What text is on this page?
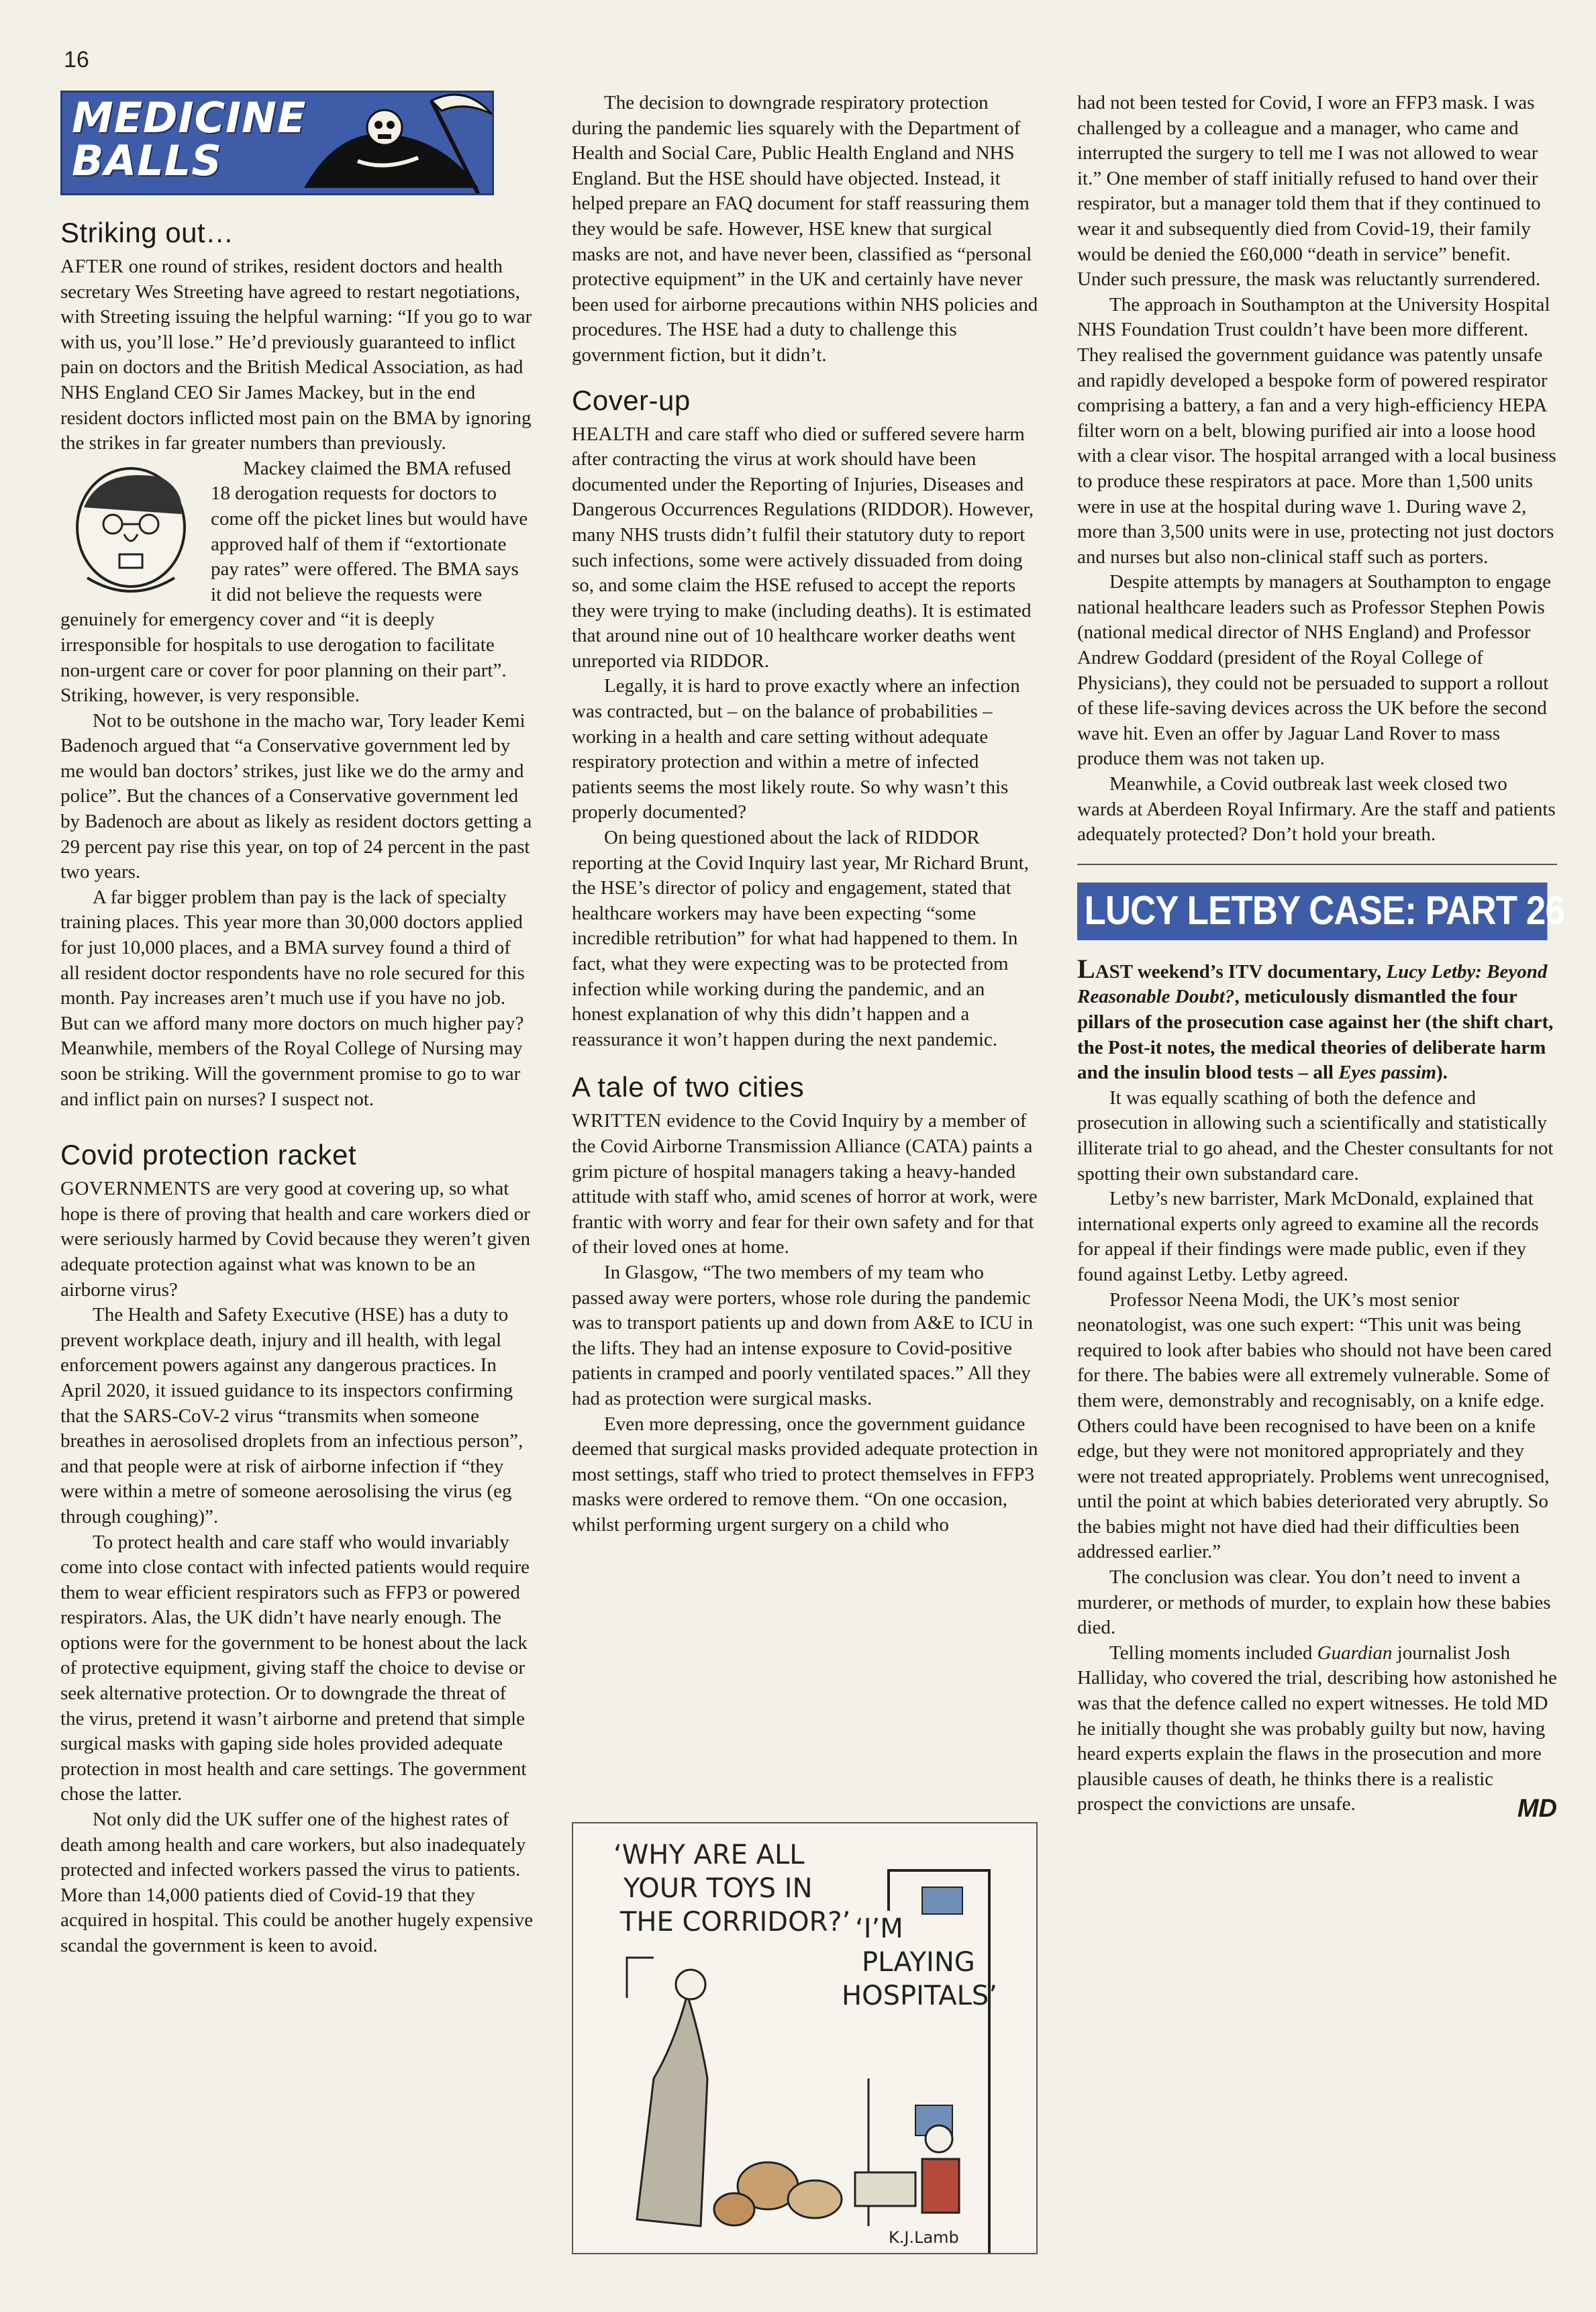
16
MEDICINE
BALLS
Striking out…

AFTER one round of strikes, resident doctors and health secretary Wes Streeting have agreed to restart negotiations, with Streeting issuing the helpful warning: “If you go to war with us, you’ll lose.” He’d previously guaranteed to inflict pain on doctors and the British Medical Association, as had NHS England CEO Sir James Mackey, but in the end resident doctors inflicted most pain on the BMA by ignoring the strikes in far greater numbers than previously.

Mackey claimed the BMA refused 18 derogation requests for doctors to come off the picket lines but would have approved half of them if “extortionate pay rates” were offered. The BMA says it did not believe the requests were genuinely for emergency cover and “it is deeply irresponsible for hospitals to use derogation to facilitate non-urgent care or cover for poor planning on their part”. Striking, however, is very responsible.

Not to be outshone in the macho war, Tory leader Kemi Badenoch argued that “a Conservative government led by me would ban doctors’ strikes, just like we do the army and police”. But the chances of a Conservative government led by Badenoch are about as likely as resident doctors getting a 29 percent pay rise this year, on top of 24 percent in the past two years.

A far bigger problem than pay is the lack of specialty training places. This year more than 30,000 doctors applied for just 10,000 places, and a BMA survey found a third of all resident doctor respondents have no role secured for this month. Pay increases aren’t much use if you have no job. But can we afford many more doctors on much higher pay? Meanwhile, members of the Royal College of Nursing may soon be striking. Will the government promise to go to war and inflict pain on nurses? I suspect not.

Covid protection racket

GOVERNMENTS are very good at covering up, so what hope is there of proving that health and care workers died or were seriously harmed by Covid because they weren’t given adequate protection against what was known to be an airborne virus?

The Health and Safety Executive (HSE) has a duty to prevent workplace death, injury and ill health, with legal enforcement powers against any dangerous practices. In April 2020, it issued guidance to its inspectors confirming that the SARS-CoV-2 virus “transmits when someone breathes in aerosolised droplets from an infectious person”, and that people were at risk of airborne infection if “they were within a metre of someone aerosolising the virus (eg through coughing)”.

To protect health and care staff who would invariably come into close contact with infected patients would require them to wear efficient respirators such as FFP3 or powered respirators. Alas, the UK didn’t have nearly enough. The options were for the government to be honest about the lack of protective equipment, giving staff the choice to devise or seek alternative protection. Or to downgrade the threat of the virus, pretend it wasn’t airborne and pretend that simple surgical masks with gaping side holes provided adequate protection in most health and care settings. The government chose the latter.

Not only did the UK suffer one of the highest rates of death among health and care workers, but also inadequately protected and infected workers passed the virus to patients. More than 14,000 patients died of Covid-19 that they acquired in hospital. This could be another hugely expensive scandal the government is keen to avoid.

The decision to downgrade respiratory protection during the pandemic lies squarely with the Department of Health and Social Care, Public Health England and NHS England. But the HSE should have objected. Instead, it helped prepare an FAQ document for staff reassuring them they would be safe. However, HSE knew that surgical masks are not, and have never been, classified as “personal protective equipment” in the UK and certainly have never been used for airborne precautions within NHS policies and procedures. The HSE had a duty to challenge this government fiction, but it didn’t.

Cover-up

HEALTH and care staff who died or suffered severe harm after contracting the virus at work should have been documented under the Reporting of Injuries, Diseases and Dangerous Occurrences Regulations (RIDDOR). However, many NHS trusts didn’t fulfil their statutory duty to report such infections, some were actively dissuaded from doing so, and some claim the HSE refused to accept the reports they were trying to make (including deaths). It is estimated that around nine out of 10 healthcare worker deaths went unreported via RIDDOR.

Legally, it is hard to prove exactly where an infection was contracted, but – on the balance of probabilities – working in a health and care setting without adequate respiratory protection and within a metre of infected patients seems the most likely route. So why wasn’t this properly documented?

On being questioned about the lack of RIDDOR reporting at the Covid Inquiry last year, Mr Richard Brunt, the HSE’s director of policy and engagement, stated that healthcare workers may have been expecting “some incredible retribution” for what had happened to them. In fact, what they were expecting was to be protected from infection while working during the pandemic, and an honest explanation of why this didn’t happen and a reassurance it won’t happen during the next pandemic.

A tale of two cities

WRITTEN evidence to the Covid Inquiry by a member of the Covid Airborne Transmission Alliance (CATA) paints a grim picture of hospital managers taking a heavy-handed attitude with staff who, amid scenes of horror at work, were frantic with worry and fear for their own safety and for that of their loved ones at home.

In Glasgow, “The two members of my team who passed away were porters, whose role during the pandemic was to transport patients up and down from A&E to ICU in the lifts. They had an intense exposure to Covid-positive patients in cramped and poorly ventilated spaces.” All they had as protection were surgical masks.

Even more depressing, once the government guidance deemed that surgical masks provided adequate protection in most settings, staff who tried to protect themselves in FFP3 masks were ordered to remove them. “On one occasion, whilst performing urgent surgery on a child who

‘WHY ARE ALL
YOUR TOYS IN
THE CORRIDOR?’ ‘I’M
PLAYING
HOSPITALS’
K.J.Lamb

had not been tested for Covid, I wore an FFP3 mask. I was challenged by a colleague and a manager, who came and interrupted the surgery to tell me I was not allowed to wear it.” One member of staff initially refused to hand over their respirator, but a manager told them that if they continued to wear it and subsequently died from Covid-19, their family would be denied the £60,000 “death in service” benefit. Under such pressure, the mask was reluctantly surrendered.

The approach in Southampton at the University Hospital NHS Foundation Trust couldn’t have been more different. They realised the government guidance was patently unsafe and rapidly developed a bespoke form of powered respirator comprising a battery, a fan and a very high-efficiency HEPA filter worn on a belt, blowing purified air into a loose hood with a clear visor. The hospital arranged with a local business to produce these respirators at pace. More than 1,500 units were in use at the hospital during wave 1. During wave 2, more than 3,500 units were in use, protecting not just doctors and nurses but also non-clinical staff such as porters.

Despite attempts by managers at Southampton to engage national healthcare leaders such as Professor Stephen Powis (national medical director of NHS England) and Professor Andrew Goddard (president of the Royal College of Physicians), they could not be persuaded to support a rollout of these life-saving devices across the UK before the second wave hit. Even an offer by Jaguar Land Rover to mass produce them was not taken up.

Meanwhile, a Covid outbreak last week closed two wards at Aberdeen Royal Infirmary. Are the staff and patients adequately protected? Don’t hold your breath.

LUCY LETBY CASE: PART 26

LAST weekend’s ITV documentary, Lucy Letby: Beyond Reasonable Doubt?, meticulously dismantled the four pillars of the prosecution case against her (the shift chart, the Post-it notes, the medical theories of deliberate harm and the insulin blood tests – all Eyes passim).

It was equally scathing of both the defence and prosecution in allowing such a scientifically and statistically illiterate trial to go ahead, and the Chester consultants for not spotting their own substandard care.

Letby’s new barrister, Mark McDonald, explained that international experts only agreed to examine all the records for appeal if their findings were made public, even if they found against Letby. Letby agreed.

Professor Neena Modi, the UK’s most senior neonatologist, was one such expert: “This unit was being required to look after babies who should not have been cared for there. The babies were all extremely vulnerable. Some of them were, demonstrably and recognisably, on a knife edge. Others could have been recognised to have been on a knife edge, but they were not monitored appropriately and they were not treated appropriately. Problems went unrecognised, until the point at which babies deteriorated very abruptly. So the babies might not have died had their difficulties been addressed earlier.”

The conclusion was clear. You don’t need to invent a murderer, or methods of murder, to explain how these babies died.

Telling moments included Guardian journalist Josh Halliday, who covered the trial, describing how astonished he was that the defence called no expert witnesses. He told MD he initially thought she was probably guilty but now, having heard experts explain the flaws in the prosecution and more plausible causes of death, he thinks there is a realistic prospect the convictions are unsafe.	MD
